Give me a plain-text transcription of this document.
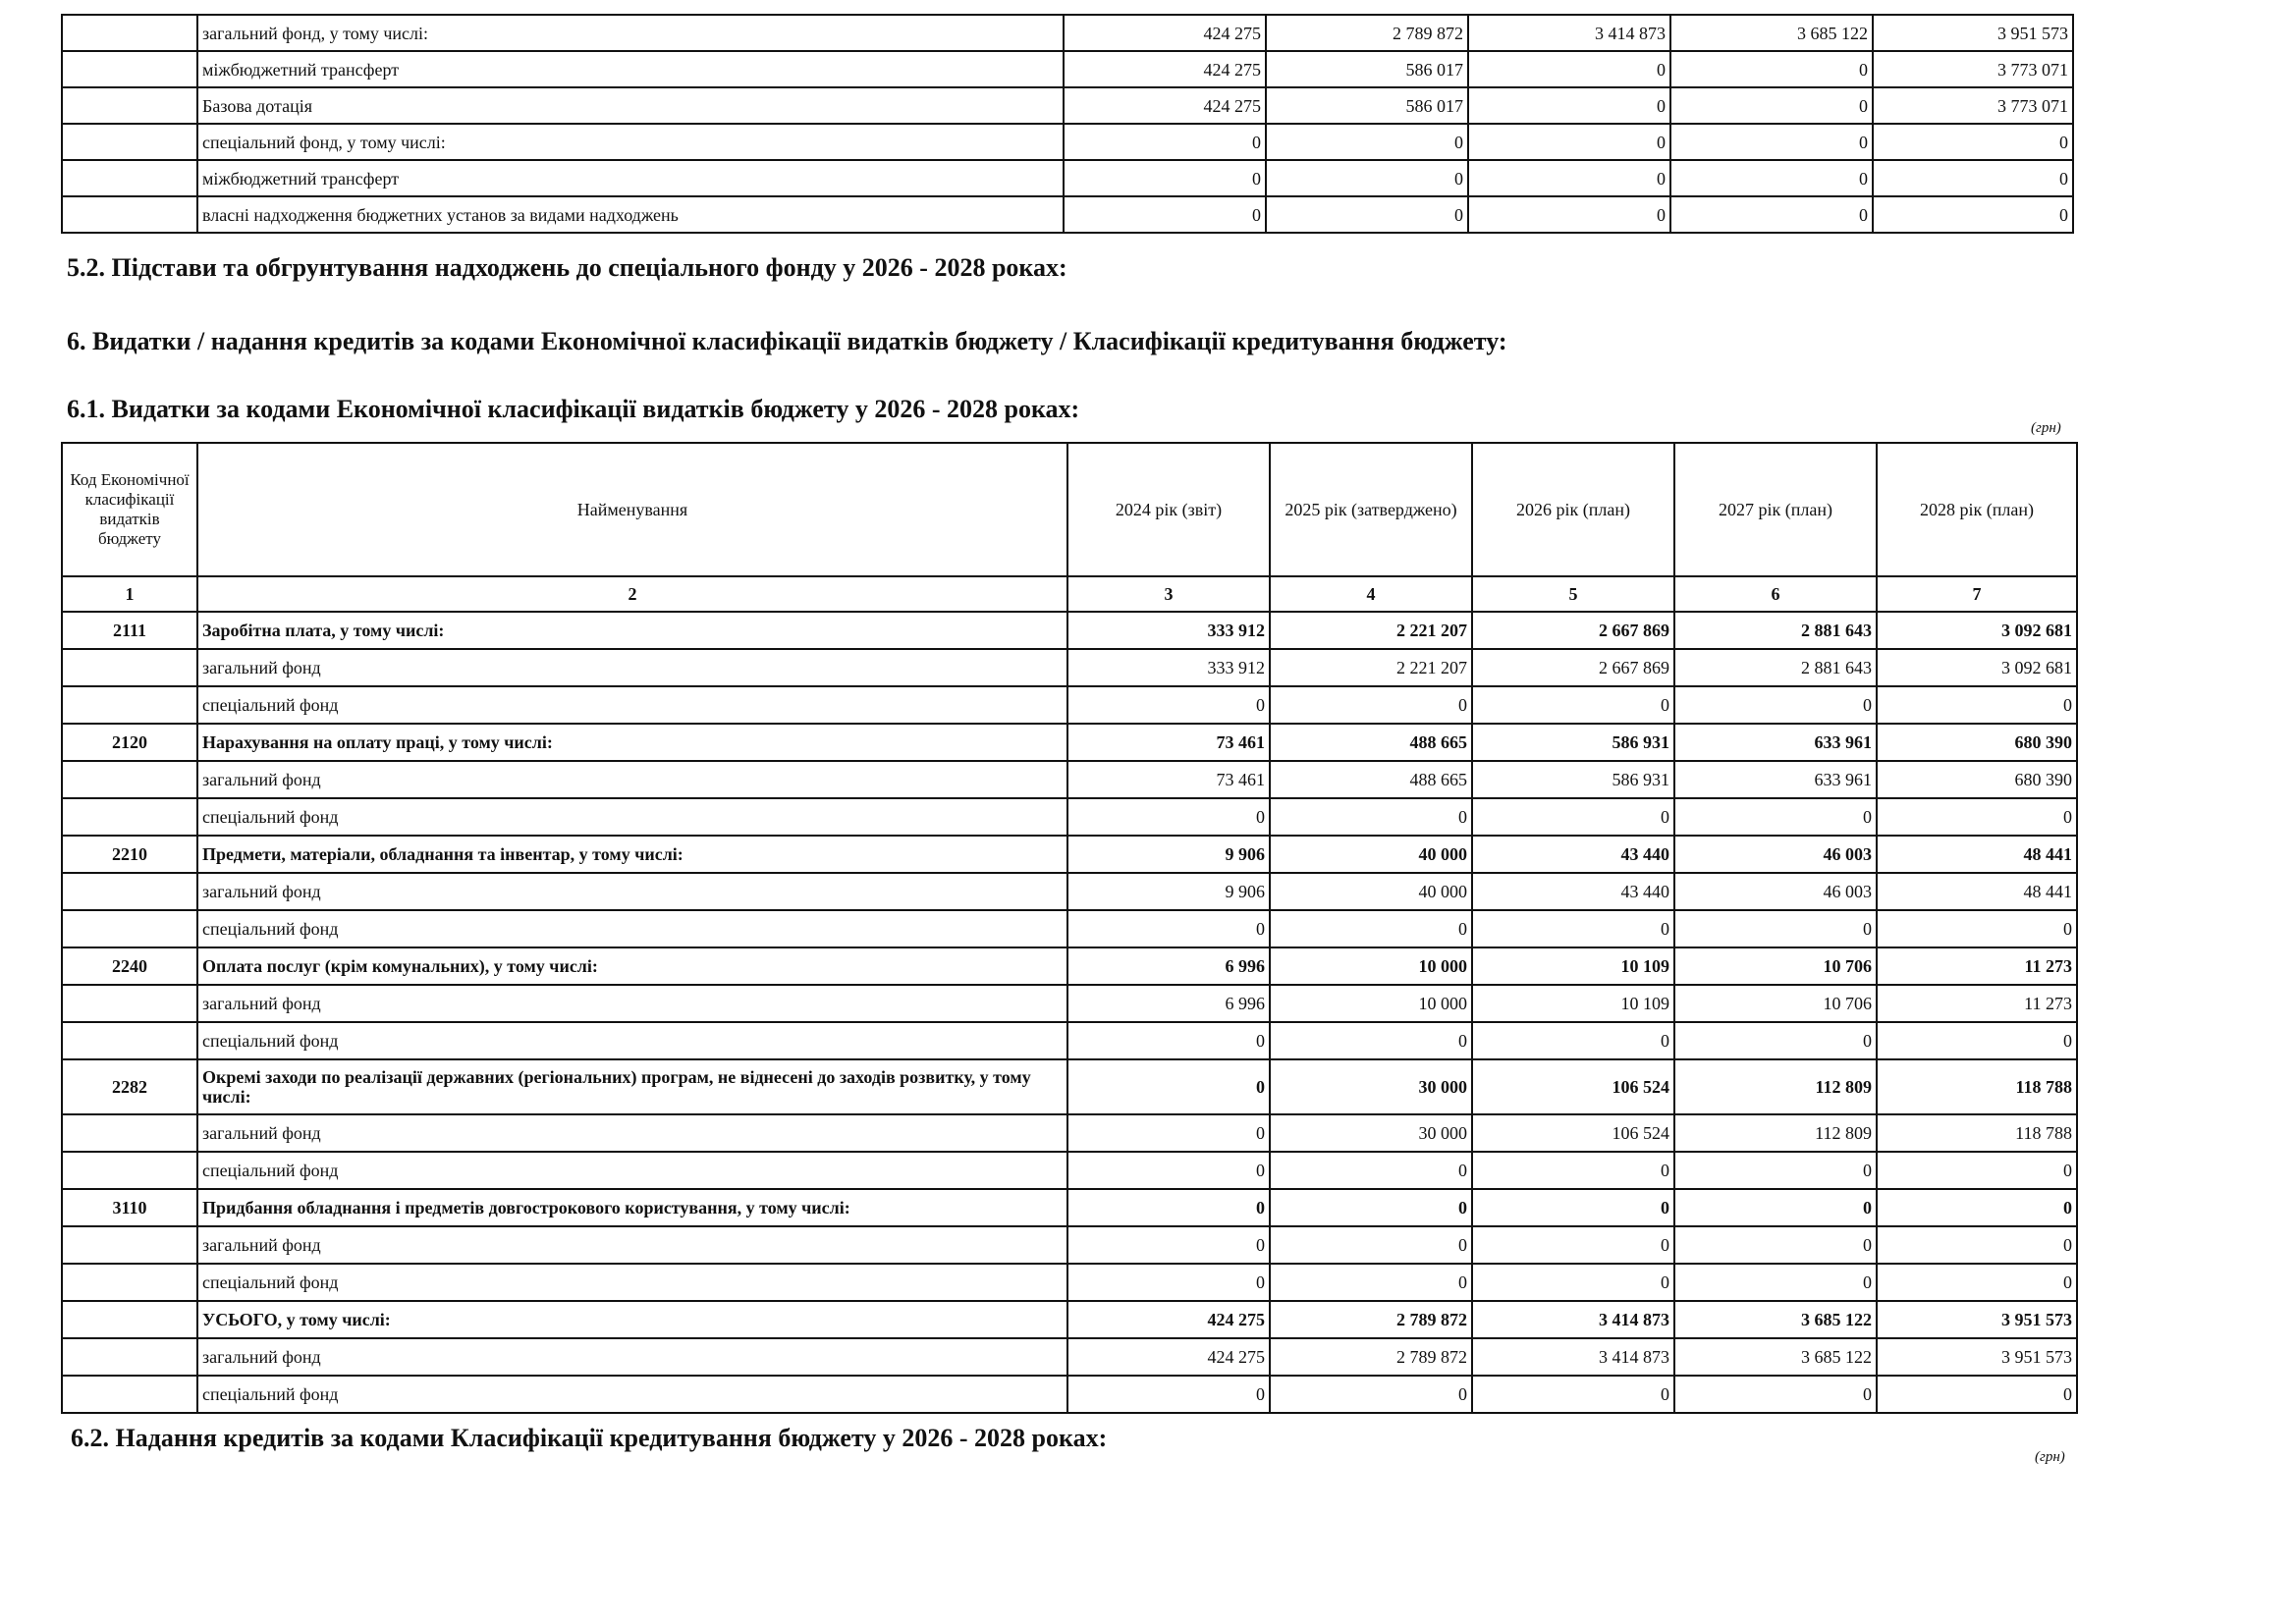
	загальний фонд, у тому числі:	424 275	2 789 872	3 414 873	3 685 122	3 951 573
	міжбюджетний трансферт	424 275	586 017	0	0	3 773 071
	Базова дотація	424 275	586 017	0	0	3 773 071
	спеціальний фонд, у тому числі:	0	0	0	0	0
	міжбюджетний трансферт	0	0	0	0	0
	власні надходження бюджетних установ за видами надходжень	0	0	0	0	0
5.2. Підстави та обгрунтування надходжень до спеціального фонду у 2026 - 2028 роках:
6. Видатки / надання кредитів за кодами Економічної класифікації видатків бюджету / Класифікації кредитування бюджету:
6.1. Видатки за кодами Економічної класифікації видатків бюджету у 2026 - 2028 роках:
(грн)
Код Економічної класифікації видатків бюджету	Найменування	2024 рік (звіт)	2025 рік (затверджено)	2026 рік (план)	2027 рік (план)	2028 рік (план)
1	2	3	4	5	6	7
2111	Заробітна плата, у тому числі:	333 912	2 221 207	2 667 869	2 881 643	3 092 681
	загальний фонд	333 912	2 221 207	2 667 869	2 881 643	3 092 681
	спеціальний фонд	0	0	0	0	0
2120	Нарахування на оплату праці, у тому числі:	73 461	488 665	586 931	633 961	680 390
	загальний фонд	73 461	488 665	586 931	633 961	680 390
	спеціальний фонд	0	0	0	0	0
2210	Предмети, матеріали, обладнання та інвентар, у тому числі:	9 906	40 000	43 440	46 003	48 441
	загальний фонд	9 906	40 000	43 440	46 003	48 441
	спеціальний фонд	0	0	0	0	0
2240	Оплата послуг (крім комунальних), у тому числі:	6 996	10 000	10 109	10 706	11 273
	загальний фонд	6 996	10 000	10 109	10 706	11 273
	спеціальний фонд	0	0	0	0	0
2282	Окремі заходи по реалізації державних (регіональних) програм, не віднесені до заходів розвитку, у тому числі:	0	30 000	106 524	112 809	118 788
	загальний фонд	0	30 000	106 524	112 809	118 788
	спеціальний фонд	0	0	0	0	0
3110	Придбання обладнання і предметів довгострокового користування, у тому числі:	0	0	0	0	0
	загальний фонд	0	0	0	0	0
	спеціальний фонд	0	0	0	0	0
	УСЬОГО, у тому числі:	424 275	2 789 872	3 414 873	3 685 122	3 951 573
	загальний фонд	424 275	2 789 872	3 414 873	3 685 122	3 951 573
	спеціальний фонд	0	0	0	0	0
6.2. Надання кредитів за кодами Класифікації кредитування бюджету у 2026 - 2028 роках:
(грн)
